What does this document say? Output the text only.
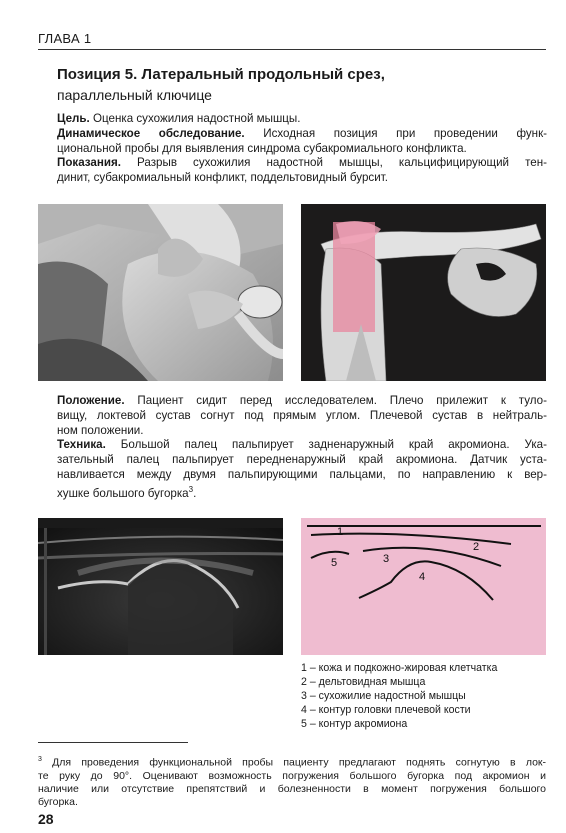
ГЛАВА 1
Позиция 5. Латеральный продольный срез,
параллельный ключице
Цель. Оценка сухожилия надостной мышцы.
Динамическое обследование. Исходная позиция при проведении функ-
циональной пробы для выявления синдрома субакромиального конфликта.
Показания. Разрыв сухожилия надостной мышцы, кальцифицирующий тен-
динит, субакромиальный конфликт, поддельтовидный бурсит.
Положение. Пациент сидит перед исследователем. Плечо прилежит к туло-
вищу, локтевой сустав согнут под прямым углом. Плечевой сустав в нейтраль-
ном положении.
Техника. Большой палец пальпирует задненаружный край акромиона. Ука-
зательный палец пальпирует передненаружный край акромиона. Датчик уста-
навливается между двумя пальпирующими пальцами, по направлению к вер-
хушке большого бугорка$^3$.
1
2
3
4
5
1 – кожа и подкожно-жировая клетчатка
2 – дельтовидная мышца
3 – сухожилие надостной мышцы
4 – контур головки плечевой кости
5 – контур акромиона
$^3$ Для проведения функциональной пробы пациенту предлагают поднять согнутую в лок-
те руку до 90°. Оценивают возможность погружения большого бугорка под акромион и
наличие или отсутствие препятствий и болезненности в момент погружения большого
бугорка.
28
